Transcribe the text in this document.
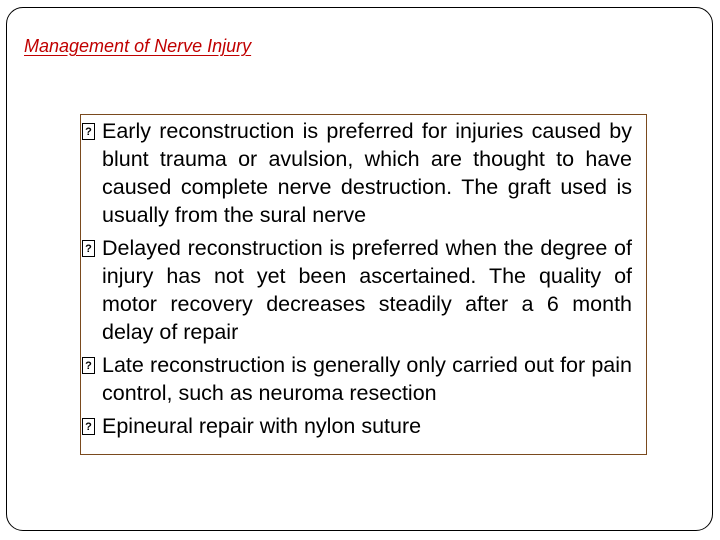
Management of Nerve Injury
?Early reconstruction is preferred for injuries caused by blunt trauma or avulsion, which are thought to have caused complete nerve destruction. The graft used is usually from the sural nerve
?Delayed reconstruction is preferred when the degree of injury has not yet been ascertained. The quality of motor recovery decreases steadily after a 6 month delay of repair
?Late reconstruction is generally only carried out for pain control, such as neuroma resection
?Epineural repair with nylon suture
